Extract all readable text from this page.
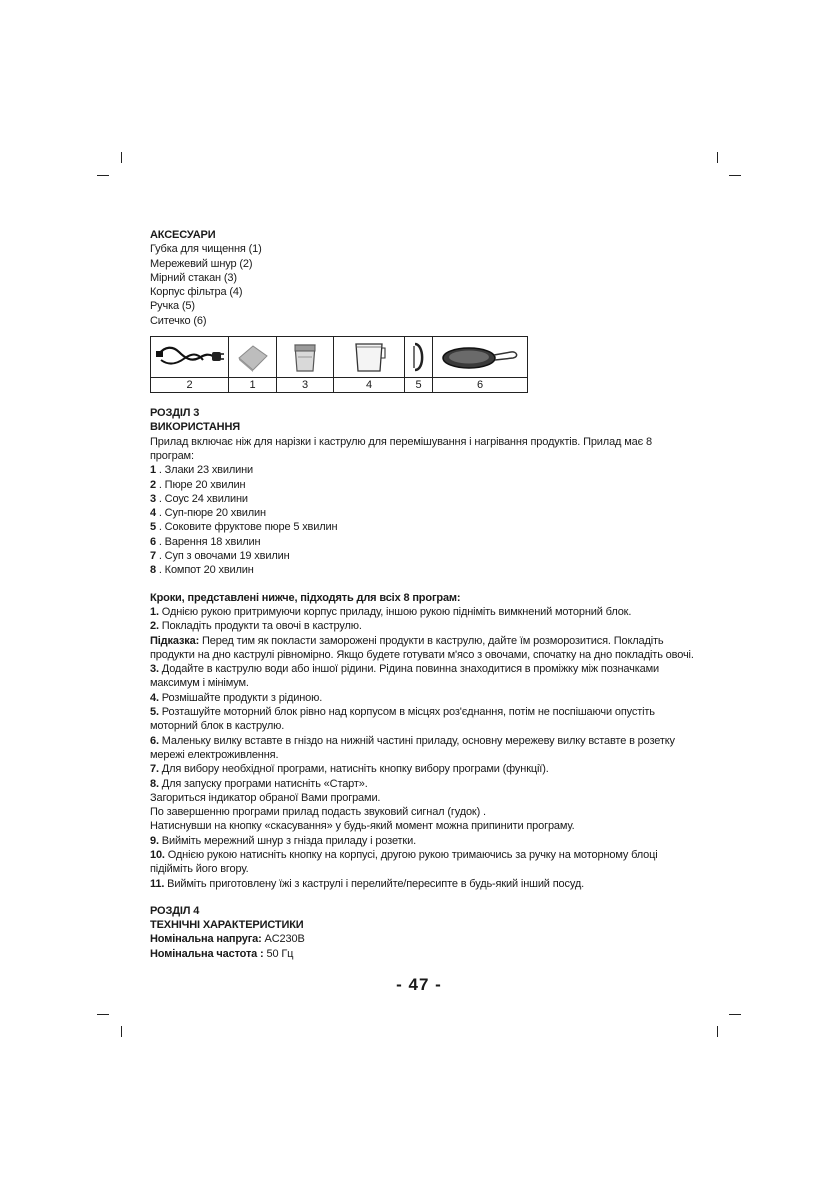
АКСЕСУАРИ

Губка для чищення (1)

Мережевий шнур (2)

Мірний стакан (3)

Корпус фільтра (4)

Ручка (5)

Ситечко (6)

2	1	3	4	5	6

РОЗДІЛ 3

ВИКОРИСТАННЯ

Прилад включає ніж для нарізки і каструлю для перемішування і нагрівання продуктів. Прилад має 8 програм:

1 . Злаки 23 хвилини

2 . Пюре 20 хвилин

3 . Соус 24 хвилини

4 . Суп-пюре 20 хвилин

5 . Соковите фруктове пюре 5 хвилин

6 . Варення 18 хвилин

7 . Суп з овочами 19 хвилин

8 . Компот 20 хвилин

Кроки, представлені нижче, підходять для всіх 8 програм:

1. Однією рукою притримуючи корпус приладу, іншою рукою підніміть вимкнений моторний блок.

2. Покладіть продукти та овочі в каструлю.

Підказка: Перед тим як покласти заморожені продукти в каструлю, дайте їм розморозитися. Покладіть продукти на дно каструлі рівномірно. Якщо будете готувати м'ясо з овочами, спочатку на дно покладіть овочі.

3. Додайте в каструлю води або іншої рідини. Рідина повинна знаходитися в проміжку між позначками максимум і мінімум.

4. Розмішайте продукти з рідиною.

5. Розташуйте моторний блок рівно над корпусом в місцях роз'єднання, потім не поспішаючи опустіть моторний блок в каструлю.

6. Маленьку вилку вставте в гніздо на нижній частині приладу, основну мережеву вилку вставте в розетку мережі електроживлення.

7. Для вибору необхідної програми, натисніть кнопку вибору програми (функції).

8. Для запуску програми натисніть «Старт».

Загориться індикатор обраної Вами програми.

По завершенню програми прилад подасть звуковий сигнал (гудок) .

Натиснувши на кнопку «скасування» у будь-який момент можна припинити програму.

9. Вийміть мережний шнур з гнізда приладу і розетки.

10. Однією рукою натисніть кнопку на корпусі, другою рукою тримаючись за ручку на моторному блоці підійміть його вгору.

11. Вийміть приготовлену їжі з каструлі і перелийте/пересипте в будь-який інший посуд.

РОЗДІЛ 4

ТЕХНІЧНІ ХАРАКТЕРИСТИКИ

Номінальна напруга: AC230В

Номінальна частота : 50 Гц

- 47 -
